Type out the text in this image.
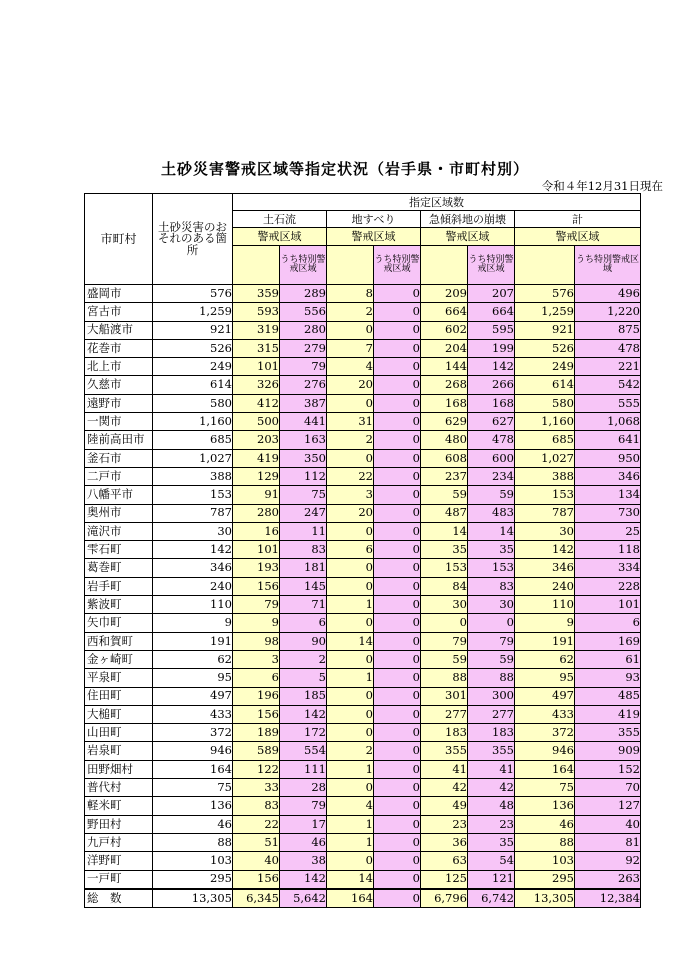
土砂災害警戒区域等指定状況（岩手県・市町村別）
令和４年12月31日現在
市町村	土砂災害のおそれのある箇所	指定区域数							
		土石流		地すべり		急傾斜地の崩壊		計	
		警戒区域		警戒区域		警戒区域		警戒区域	
			うち特別警戒区域		うち特別警戒区域		うち特別警戒区域		うち特別警戒区域
盛岡市	576	359	289	8	0	209	207	576	496
宮古市	1,259	593	556	2	0	664	664	1,259	1,220
大船渡市	921	319	280	0	0	602	595	921	875
花巻市	526	315	279	7	0	204	199	526	478
北上市	249	101	79	4	0	144	142	249	221
久慈市	614	326	276	20	0	268	266	614	542
遠野市	580	412	387	0	0	168	168	580	555
一関市	1,160	500	441	31	0	629	627	1,160	1,068
陸前高田市	685	203	163	2	0	480	478	685	641
釜石市	1,027	419	350	0	0	608	600	1,027	950
二戸市	388	129	112	22	0	237	234	388	346
八幡平市	153	91	75	3	0	59	59	153	134
奥州市	787	280	247	20	0	487	483	787	730
滝沢市	30	16	11	0	0	14	14	30	25
雫石町	142	101	83	6	0	35	35	142	118
葛巻町	346	193	181	0	0	153	153	346	334
岩手町	240	156	145	0	0	84	83	240	228
紫波町	110	79	71	1	0	30	30	110	101
矢巾町	9	9	6	0	0	0	0	9	6
西和賀町	191	98	90	14	0	79	79	191	169
金ヶ崎町	62	3	2	0	0	59	59	62	61
平泉町	95	6	5	1	0	88	88	95	93
住田町	497	196	185	0	0	301	300	497	485
大槌町	433	156	142	0	0	277	277	433	419
山田町	372	189	172	0	0	183	183	372	355
岩泉町	946	589	554	2	0	355	355	946	909
田野畑村	164	122	111	1	0	41	41	164	152
普代村	75	33	28	0	0	42	42	75	70
軽米町	136	83	79	4	0	49	48	136	127
野田村	46	22	17	1	0	23	23	46	40
九戸村	88	51	46	1	0	36	35	88	81
洋野町	103	40	38	0	0	63	54	103	92
一戸町	295	156	142	14	0	125	121	295	263
総　数	13,305	6,345	5,642	164	0	6,796	6,742	13,305	12,384
